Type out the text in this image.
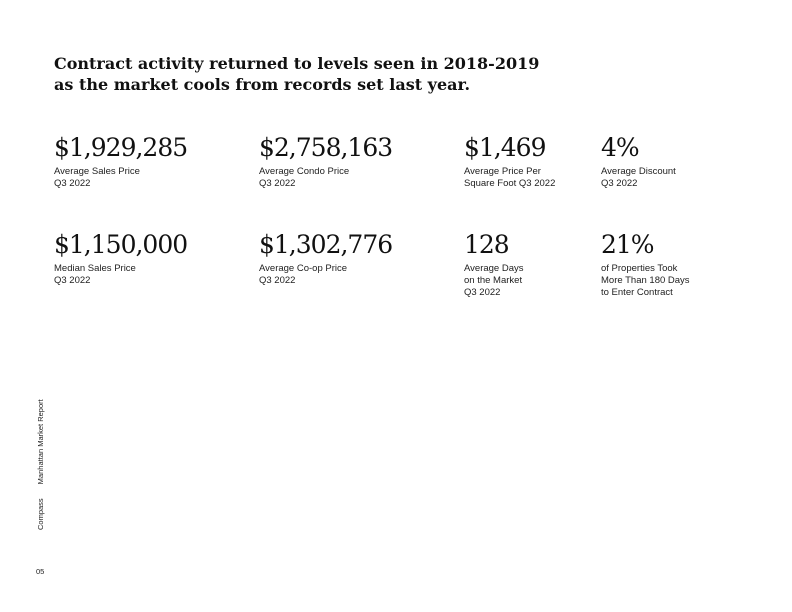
Contract activity returned to levels seen in 2018-2019
as the market cools from records set last year.
$1,929,285
Average Sales Price
Q3 2022
$2,758,163
Average Condo Price
Q3 2022
$1,469
Average Price Per
Square Foot Q3 2022
4%
Average Discount
Q3 2022
$1,150,000
Median Sales Price
Q3 2022
$1,302,776
Average Co-op Price
Q3 2022
128
Average Days
on the Market
Q3 2022
21%
of Properties Took
More Than 180 Days
to Enter Contract
CompassManhattan Market Report
05
